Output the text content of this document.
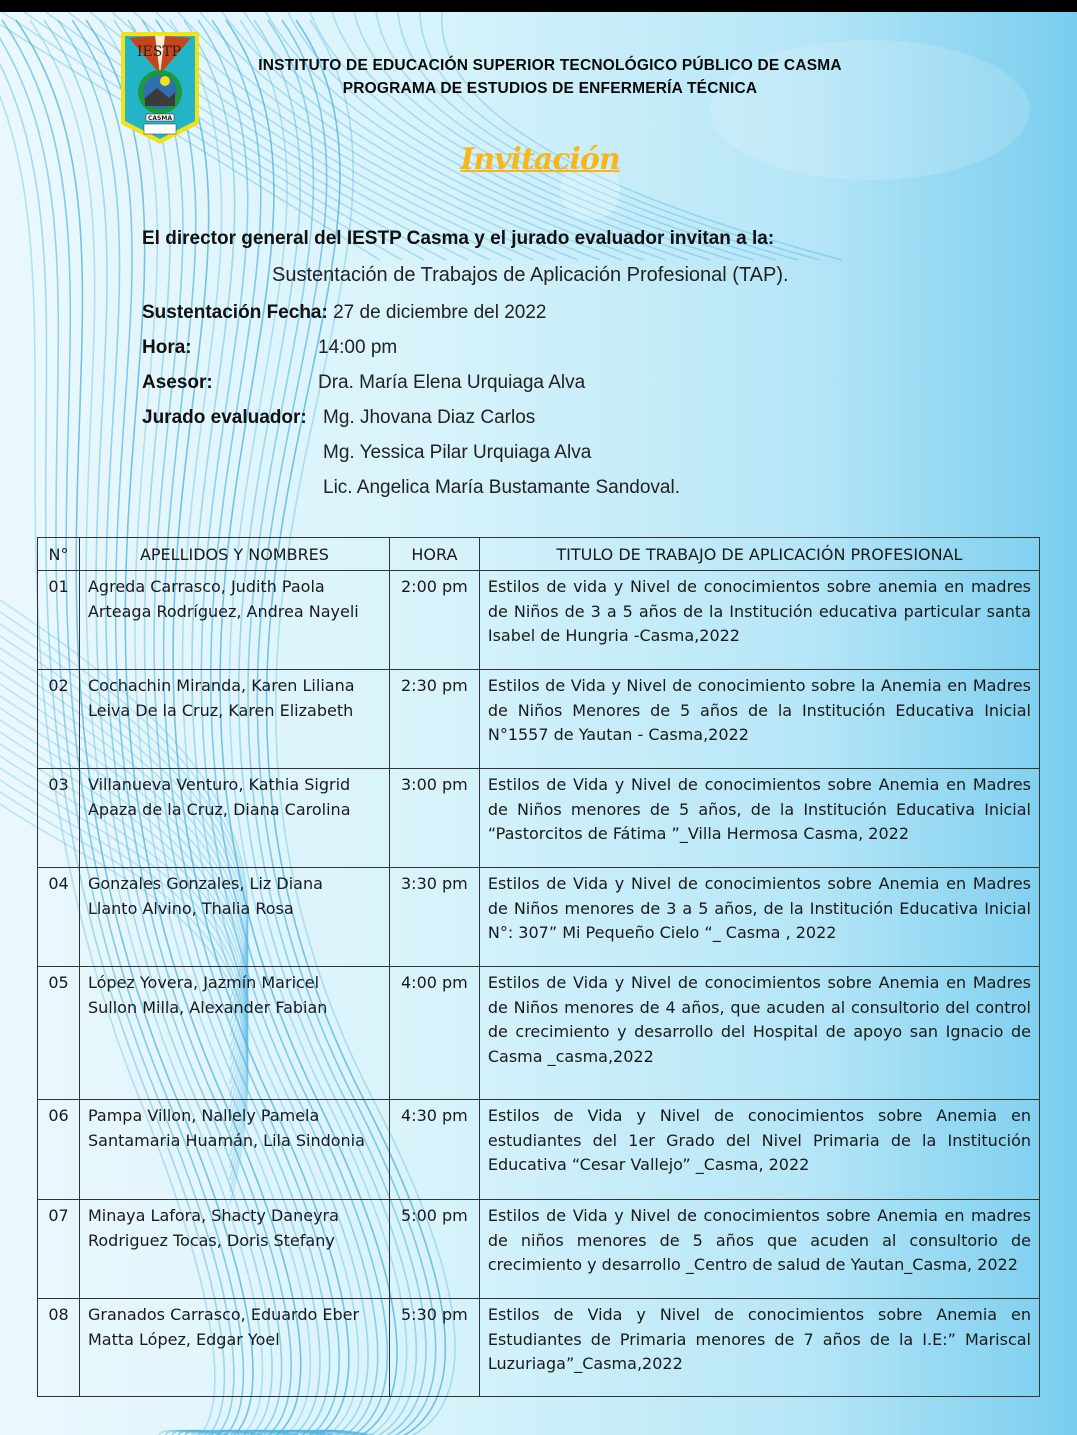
IESTP
CASMA
INSTITUTO DE EDUCACIÓN SUPERIOR TECNOLÓGICO PÚBLICO DE CASMA
PROGRAMA DE ESTUDIOS DE ENFERMERÍA TÉCNICA
Invitación
El director general del IESTP Casma y el jurado evaluador invitan a la:
Sustentación de Trabajos de Aplicación Profesional (TAP).
Sustentación Fecha: 27 de diciembre del 2022
Hora:	14:00 pm
Asesor:	Dra. María Elena Urquiaga Alva
Jurado evaluador: Mg. Jhovana Diaz Carlos
Mg. Yessica Pilar Urquiaga Alva
Lic. Angelica María Bustamante Sandoval.
N°	APELLIDOS Y NOMBRES	HORA	TITULO DE TRABAJO DE APLICACIÓN PROFESIONAL
01	Agreda Carrasco, Judith Paola
Arteaga Rodríguez, Andrea Nayeli	2:00 pm	Estilos de vida y Nivel de conocimientos sobre anemia en madres de Niños de 3 a 5 años de la Institución educativa particular santa Isabel de Hungria -Casma,2022
02	Cochachin Miranda, Karen Liliana
Leiva De la Cruz, Karen Elizabeth	2:30 pm	Estilos de Vida y Nivel de conocimiento sobre la Anemia en Madres de Niños Menores de 5 años de la Institución Educativa Inicial N°1557 de Yautan - Casma,2022
03	Villanueva Venturo, Kathia Sigrid
Apaza de la Cruz, Diana Carolina	3:00 pm	Estilos de Vida y Nivel de conocimientos sobre Anemia en Madres de Niños menores de 5 años, de la Institución Educativa Inicial “Pastorcitos de Fátima ”_Villa Hermosa Casma, 2022
04	Gonzales Gonzales, Liz Diana
Llanto Alvino, Thalia Rosa	3:30 pm	Estilos de Vida y Nivel de conocimientos sobre Anemia en Madres de Niños menores de 3 a 5 años, de la Institución Educativa Inicial N°: 307” Mi Pequeño Cielo “_ Casma , 2022
05	López Yovera, Jazmín Maricel
Sullon Milla, Alexander Fabian	4:00 pm	Estilos de Vida y Nivel de conocimientos sobre Anemia en Madres de Niños menores de 4 años, que acuden al consultorio del control de crecimiento y desarrollo del Hospital de apoyo san Ignacio de Casma _casma,2022
06	Pampa Villon, Nallely Pamela
Santamaria Huamán, Lila Sindonia	4:30 pm	Estilos de Vida y Nivel de conocimientos sobre Anemia en estudiantes del 1er Grado del Nivel Primaria de la Institución Educativa “Cesar Vallejo” _Casma, 2022
07	Minaya Lafora, Shacty Daneyra
Rodriguez Tocas, Doris Stefany	5:00 pm	Estilos de Vida y Nivel de conocimientos sobre Anemia en madres de niños menores de 5 años que acuden al consultorio de crecimiento y desarrollo _Centro de salud de Yautan_Casma, 2022
08	Granados Carrasco, Eduardo Eber
Matta López, Edgar Yoel	5:30 pm	Estilos de Vida y Nivel de conocimientos sobre Anemia en Estudiantes de Primaria menores de 7 años de la I.E:” Mariscal Luzuriaga”_Casma,2022
